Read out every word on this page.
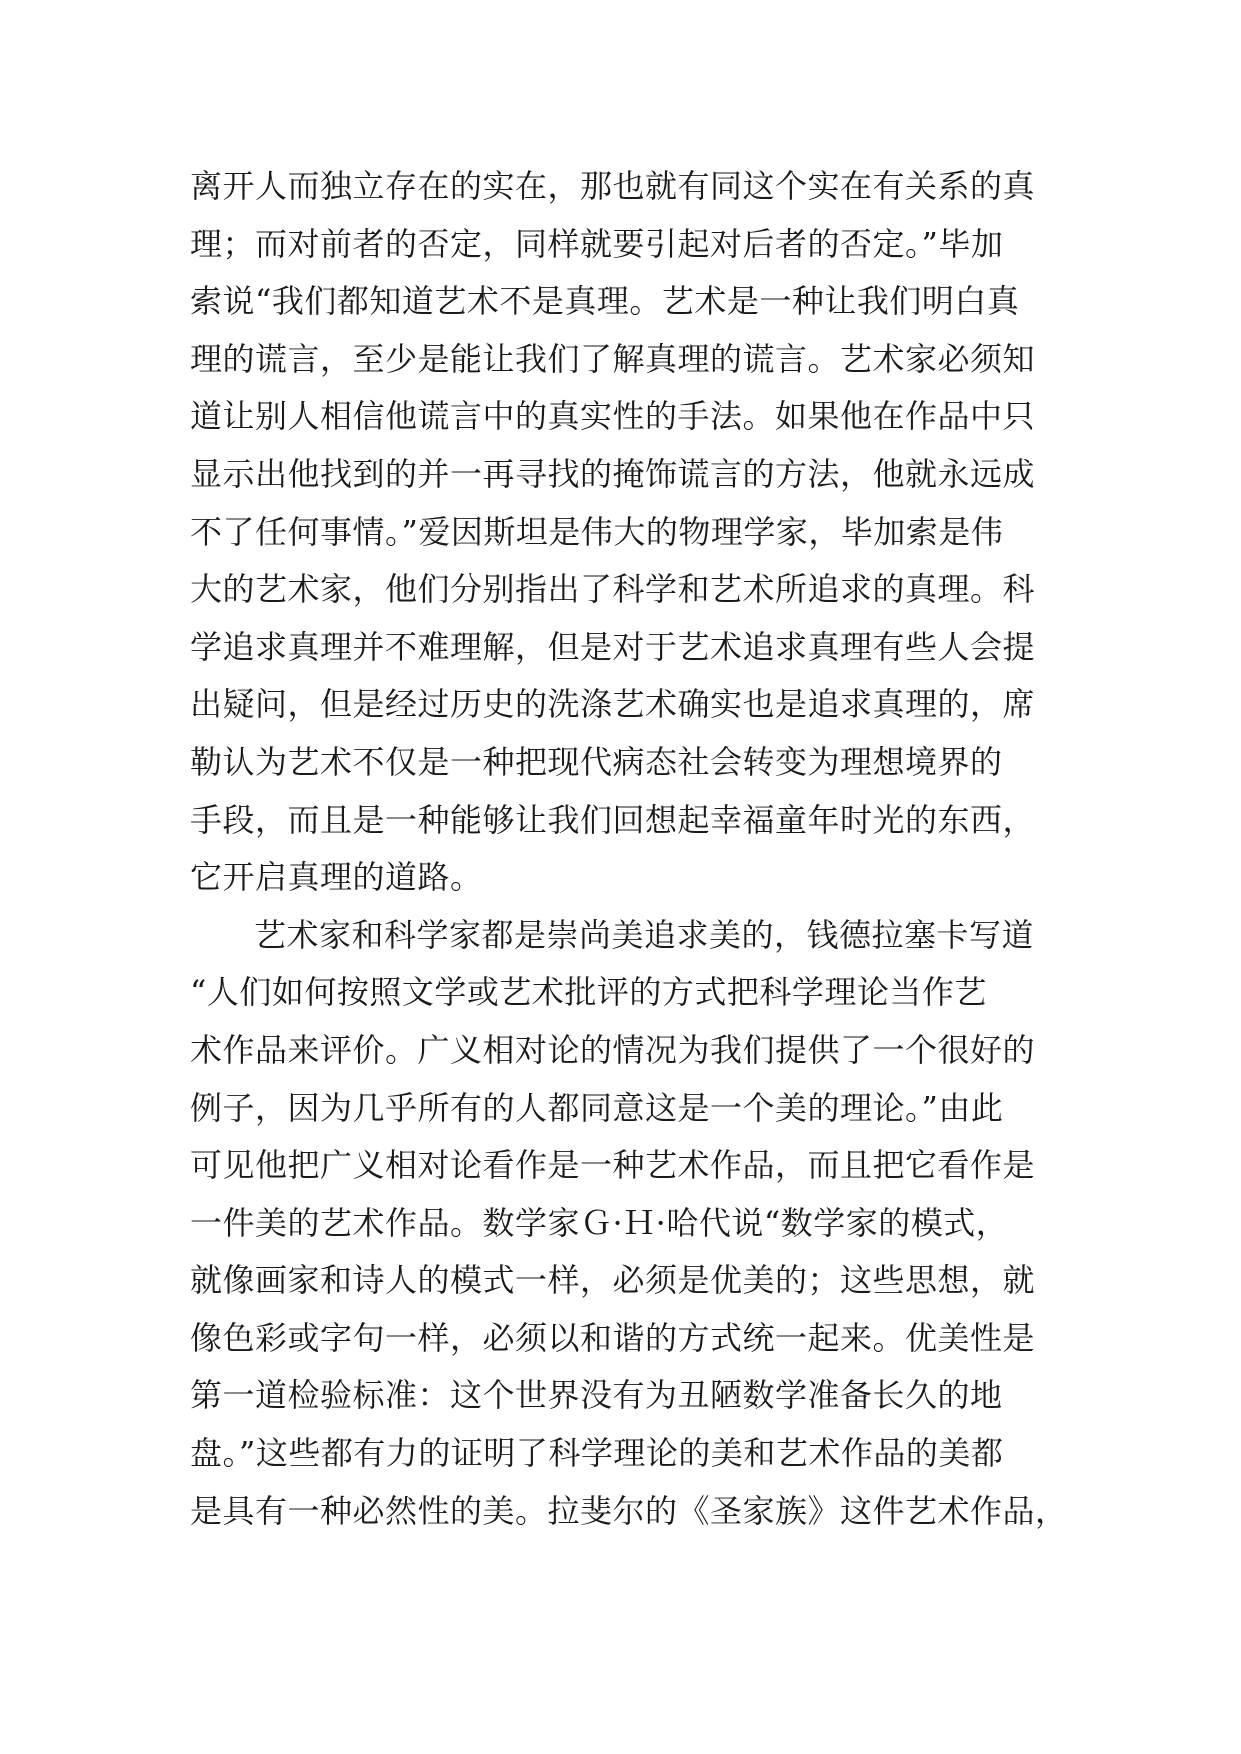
离开人而独立存在的实在，那也就有同这个实在有关系的真
理；而对前者的否定，同样就要引起对后者的否定。”毕加
索说“我们都知道艺术不是真理。艺术是一种让我们明白真
理的谎言，至少是能让我们了解真理的谎言。艺术家必须知
道让别人相信他谎言中的真实性的手法。如果他在作品中只
显示出他找到的并一再寻找的掩饰谎言的方法，他就永远成
不了任何事情。”爱因斯坦是伟大的物理学家，毕加索是伟
大的艺术家，他们分别指出了科学和艺术所追求的真理。科
学追求真理并不难理解，但是对于艺术追求真理有些人会提
出疑问，但是经过历史的洗涤艺术确实也是追求真理的，席
勒认为艺术不仅是一种把现代病态社会转变为理想境界的
手段，而且是一种能够让我们回想起幸福童年时光的东西，
它开启真理的道路。
艺术家和科学家都是崇尚美追求美的，钱德拉塞卡写道
“人们如何按照文学或艺术批评的方式把科学理论当作艺
术作品来评价。广义相对论的情况为我们提供了一个很好的
例子，因为几乎所有的人都同意这是一个美的理论。”由此
可见他把广义相对论看作是一种艺术作品，而且把它看作是
一件美的艺术作品。数学家Ｇ·Ｈ·哈代说“数学家的模式，
就像画家和诗人的模式一样，必须是优美的；这些思想，就
像色彩或字句一样，必须以和谐的方式统一起来。优美性是
第一道检验标准：这个世界没有为丑陋数学准备长久的地
盘。”这些都有力的证明了科学理论的美和艺术作品的美都
是具有一种必然性的美。拉斐尔的《圣家族》这件艺术作品，
